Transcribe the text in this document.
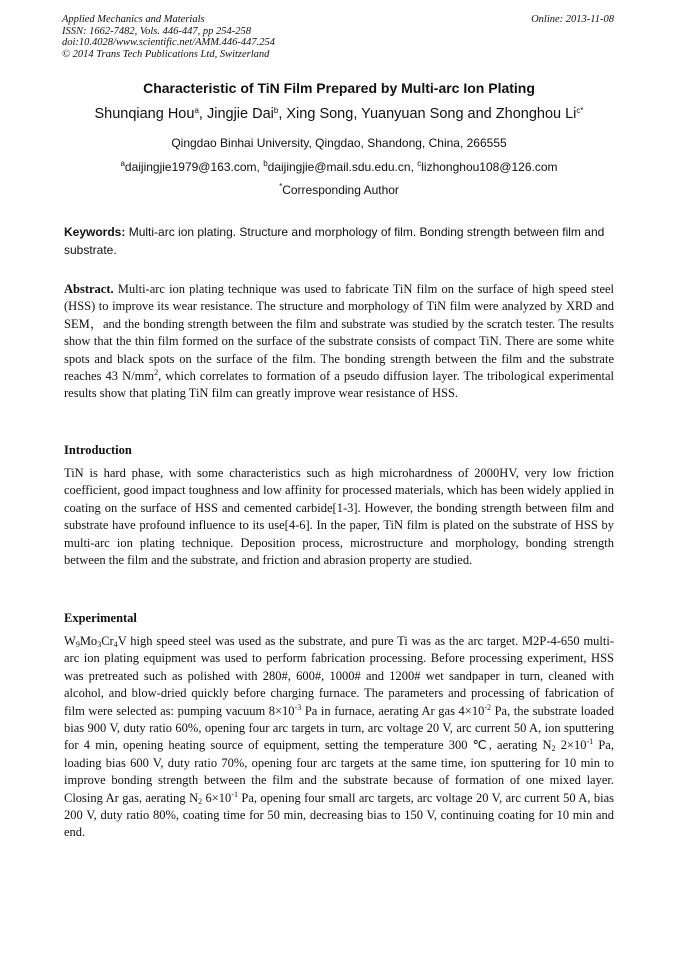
Applied Mechanics and Materials
ISSN: 1662-7482, Vols. 446-447, pp 254-258
doi:10.4028/www.scientific.net/AMM.446-447.254
© 2014 Trans Tech Publications Ltd, Switzerland
Online: 2013-11-08
Characteristic of TiN Film Prepared by Multi-arc Ion Plating
Shunqiang Hou$^a$, Jingjie Dai$^b$, Xing Song, Yuanyuan Song and Zhonghou $Li^{c*}$
Qingdao Binhai University, Qingdao, Shandong, China, 266555
$^a$daijingjie1979@163.com, $^b$daijingjie@mail.sdu.edu.cn, $^c$lizhonghou108@126.com
*Corresponding Author
Keywords: Multi-arc ion plating. Structure and morphology of film. Bonding strength between film and substrate.
Abstract. Multi-arc ion plating technique was used to fabricate TiN film on the surface of high speed steel (HSS) to improve its wear resistance. The structure and morphology of TiN film were analyzed by XRD and SEM，and the bonding strength between the film and substrate was studied by the scratch tester. The results show that the thin film formed on the surface of the substrate consists of compact TiN. There are some white spots and black spots on the surface of the film. The bonding strength between the film and the substrate reaches 43 $N/mm^2$, which correlates to formation of a pseudo diffusion layer. The tribological experimental results show that plating TiN film can greatly improve wear resistance of HSS.
Introduction
TiN is hard phase, with some characteristics such as high microhardness of 2000HV, very low friction coefficient, good impact toughness and low affinity for processed materials, which has been widely applied in coating on the surface of HSS and cemented carbide[1-3]. However, the bonding strength between film and substrate have profound influence to its use[4-6]. In the paper, TiN film is plated on the substrate of HSS by multi-arc ion plating technique. Deposition process, microstructure and morphology, bonding strength between the film and the substrate, and friction and abrasion property are studied.
Experimental
$W_9Mo_3Cr_4V$ high speed steel was used as the substrate, and pure Ti was as the arc target. M2P-4-650 multi-arc ion plating equipment was used to perform fabrication processing. Before processing experiment, HSS was pretreated such as polished with 280#, 600#, 1000# and 1200# wet sandpaper in turn, cleaned with alcohol, and blow-dried quickly before charging furnace. The parameters and processing of fabrication of film were selected as: pumping vacuum $8\times 10^{-3}$ Pa in furnace, aerating Ar gas $4\times 10^{-2}$ Pa, the substrate loaded bias 900 V, duty ratio 60%, opening four arc targets in turn, arc voltage 20 V, arc current 50 A, ion sputtering for 4 min, opening heating source of equipment, setting the temperature 300 ℃, aerating $N_2$ $2\times 10^{-1}$ Pa, loading bias 600 V, duty ratio 70%, opening four arc targets at the same time, ion sputtering for 10 min to improve bonding strength between the film and the substrate because of formation of one mixed layer. Closing Ar gas, aerating $N_2$ $6\times 10^{-1}$ Pa, opening four small arc targets, arc voltage 20 V, arc current 50 A, bias 200 V, duty ratio 80%, coating time for 50 min, decreasing bias to 150 V, continuing coating for 10 min and end.
